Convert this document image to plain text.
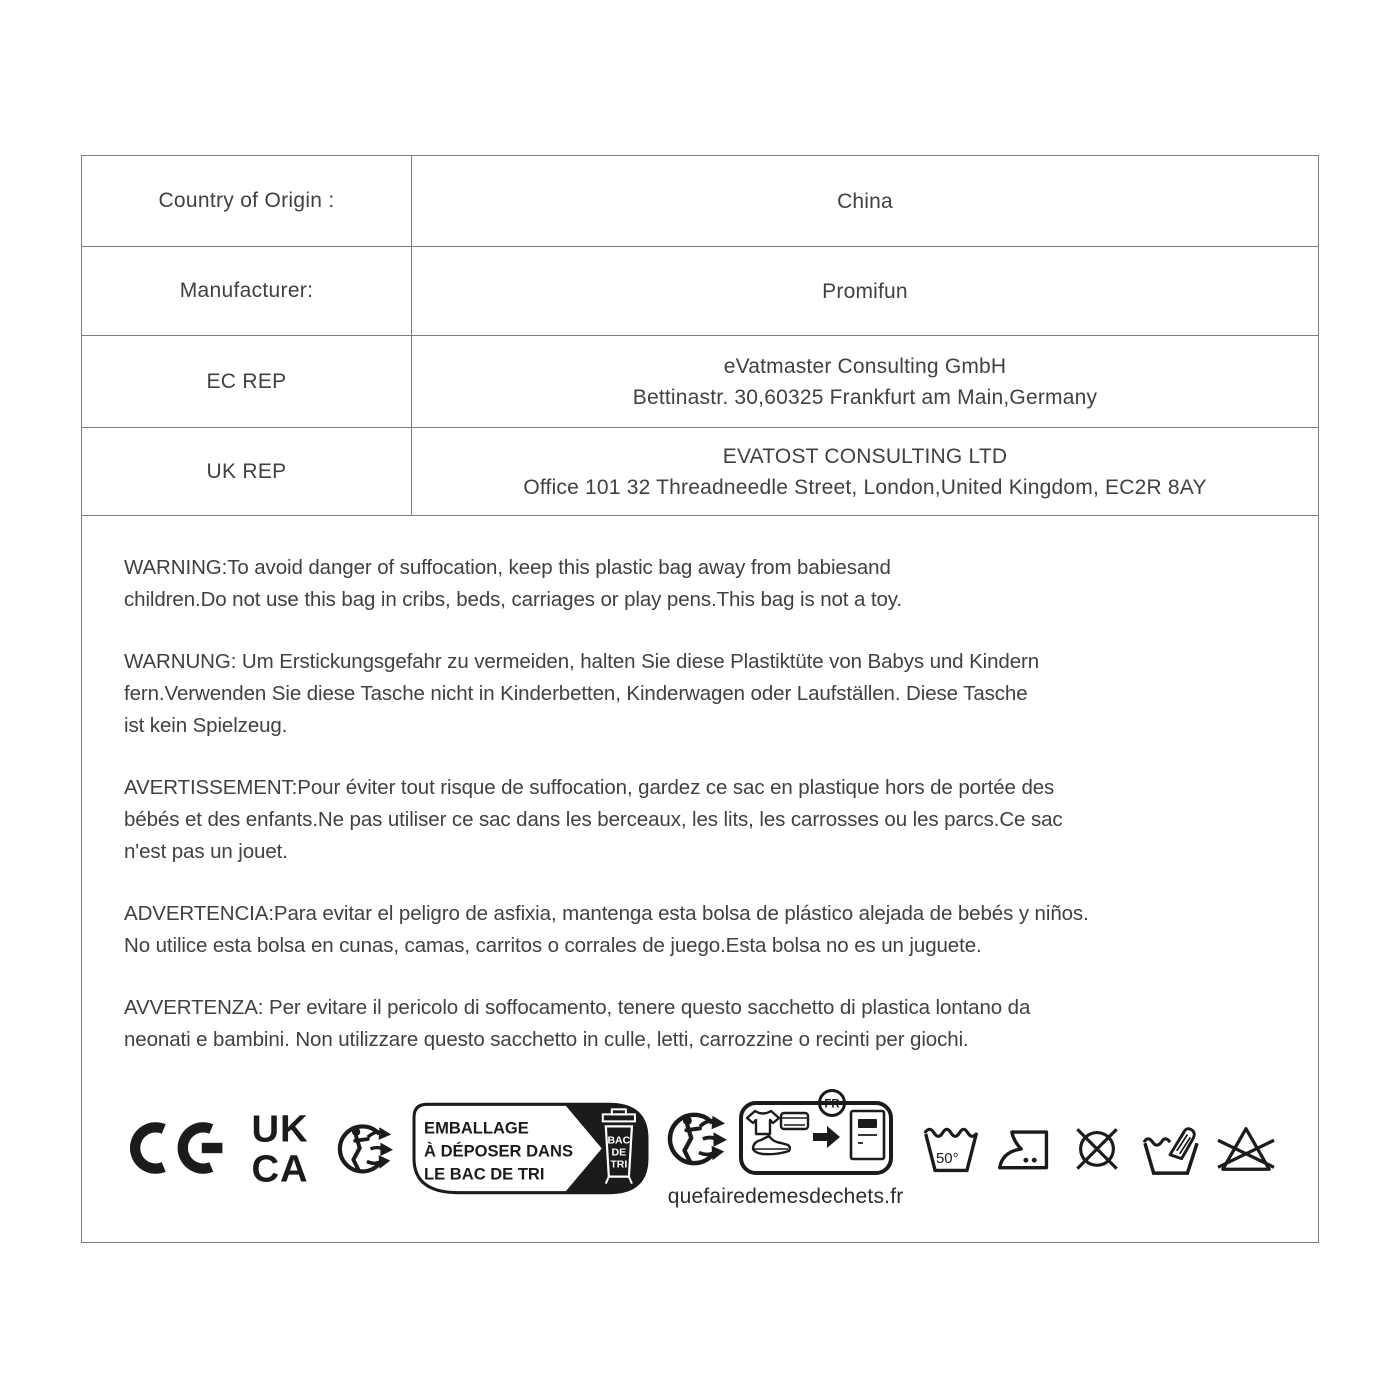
Country of Origin :	China
Manufacturer:	Promifun
EC REP
eVatmaster Consulting GmbH
Bettinastr. 30,60325 Frankfurt am Main,Germany
UK REP
EVATOST CONSULTING LTD
Office 101 32 Threadneedle Street, London,United Kingdom, EC2R 8AY

WARNING:To avoid danger of suffocation, keep this plastic bag away from babiesand
children.Do not use this bag in cribs, beds, carriages or play pens.This bag is not a toy.

WARNUNG: Um Erstickungsgefahr zu vermeiden, halten Sie diese Plastiktüte von Babys und Kindern
fern.Verwenden Sie diese Tasche nicht in Kinderbetten, Kinderwagen oder Laufställen. Diese Tasche
ist kein Spielzeug.

AVERTISSEMENT:Pour éviter tout risque de suffocation, gardez ce sac en plastique hors de portée des
bébés et des enfants.Ne pas utiliser ce sac dans les berceaux, les lits, les carrosses ou les parcs.Ce sac
n'est pas un jouet.

ADVERTENCIA:Para evitar el peligro de asfixia, mantenga esta bolsa de plástico alejada de bebés y niños.
No utilice esta bolsa en cunas, camas, carritos o corrales de juego.Esta bolsa no es un juguete.

AVVERTENZA: Per evitare il pericolo di soffocamento, tenere questo sacchetto di plastica lontano da
neonati e bambini. Non utilizzare questo sacchetto in culle, letti, carrozzine o recinti per giochi.

UK
CA
EMBALLAGE
À DÉPOSER DANS
LE BAC DE TRI
BAC
DE
TRI
FR
quefairedemesdechets.fr
50°
